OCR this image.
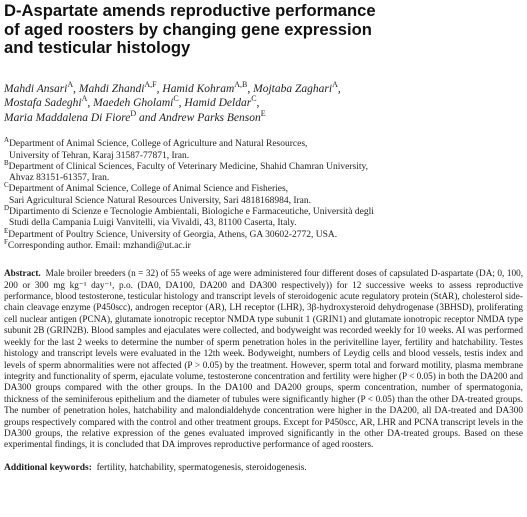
D-Aspartate amends reproductive performance
of aged roosters by changing gene expression
and testicular histology
Mahdi Ansari$^A$, Mahdi Zhandi$^{A,F}$, Hamid Kohram$^{A,B}$, Mojtaba Zaghari$^A$,
Mostafa Sadeghi$^A$, Maedeh Gholami$^C$, Hamid Deldar$^C$,
Maria Maddalena Di Fiore$^D$ and Andrew Parks Benson$^E$

$^A$Department of Animal Science, College of Agriculture and Natural Resources,
University of Tehran, Karaj 31587-77871, Iran.

$^B$Department of Clinical Sciences, Faculty of Veterinary Medicine, Shahid Chamran University,
Ahvaz 83151-61357, Iran.

$^C$Department of Animal Science, College of Animal Science and Fisheries,
Sari Agricultural Science Natural Resources University, Sari 4818168984, Iran.

$^D$Dipartimento di Scienze e Tecnologie Ambientali, Biologiche e Farmaceutiche, Università degli
Studi della Campania Luigi Vanvitelli, via Vivaldi, 43, 81100 Caserta, Italy.

$^E$Department of Poultry Science, University of Georgia, Athens, GA 30602-2772, USA.

$^F$Corresponding author. Email: mzhandi@ut.ac.ir

Abstract. Male broiler breeders (n = 32) of 55 weeks of age were administered four different doses of capsulated D-aspartate (DA; 0, 100, 200 or 300 mg kg⁻¹ day⁻¹, p.o. (DA0, DA100, DA200 and DA300 respectively)) for 12 successive weeks to assess reproductive performance, blood testosterone, testicular histology and transcript levels of steroidogenic acute regulatory protein (StAR), cholesterol side-chain cleavage enzyme (P450scc), androgen receptor (AR), LH receptor (LHR), 3β-hydroxysteroid dehydrogenase (3BHSD), proliferating cell nuclear antigen (PCNA), glutamate ionotropic receptor NMDA type subunit 1 (GRIN1) and glutamate ionotropic receptor NMDA type subunit 2B (GRIN2B). Blood samples and ejaculates were collected, and bodyweight was recorded weekly for 10 weeks. AI was performed weekly for the last 2 weeks to determine the number of sperm penetration holes in the perivitelline layer, fertility and hatchability. Testes histology and transcript levels were evaluated in the 12th week. Bodyweight, numbers of Leydig cells and blood vessels, testis index and levels of sperm abnormalities were not affected (P > 0.05) by the treatment. However, sperm total and forward motility, plasma membrane integrity and functionality of sperm, ejaculate volume, testosterone concentration and fertility were higher (P < 0.05) in both the DA200 and DA300 groups compared with the other groups. In the DA100 and DA200 groups, sperm concentration, number of spermatogonia, thickness of the seminiferous epithelium and the diameter of tubules were significantly higher (P < 0.05) than the other DA-treated groups. The number of penetration holes, hatchability and malondialdehyde concentration were higher in the DA200, all DA-treated and DA300 groups respectively compared with the control and other treatment groups. Except for P450scc, AR, LHR and PCNA transcript levels in the DA300 groups, the relative expression of the genes evaluated improved significantly in the other DA-treated groups. Based on these experimental findings, it is concluded that DA improves reproductive performance of aged roosters.

Additional keywords: fertility, hatchability, spermatogenesis, steroidogenesis.
